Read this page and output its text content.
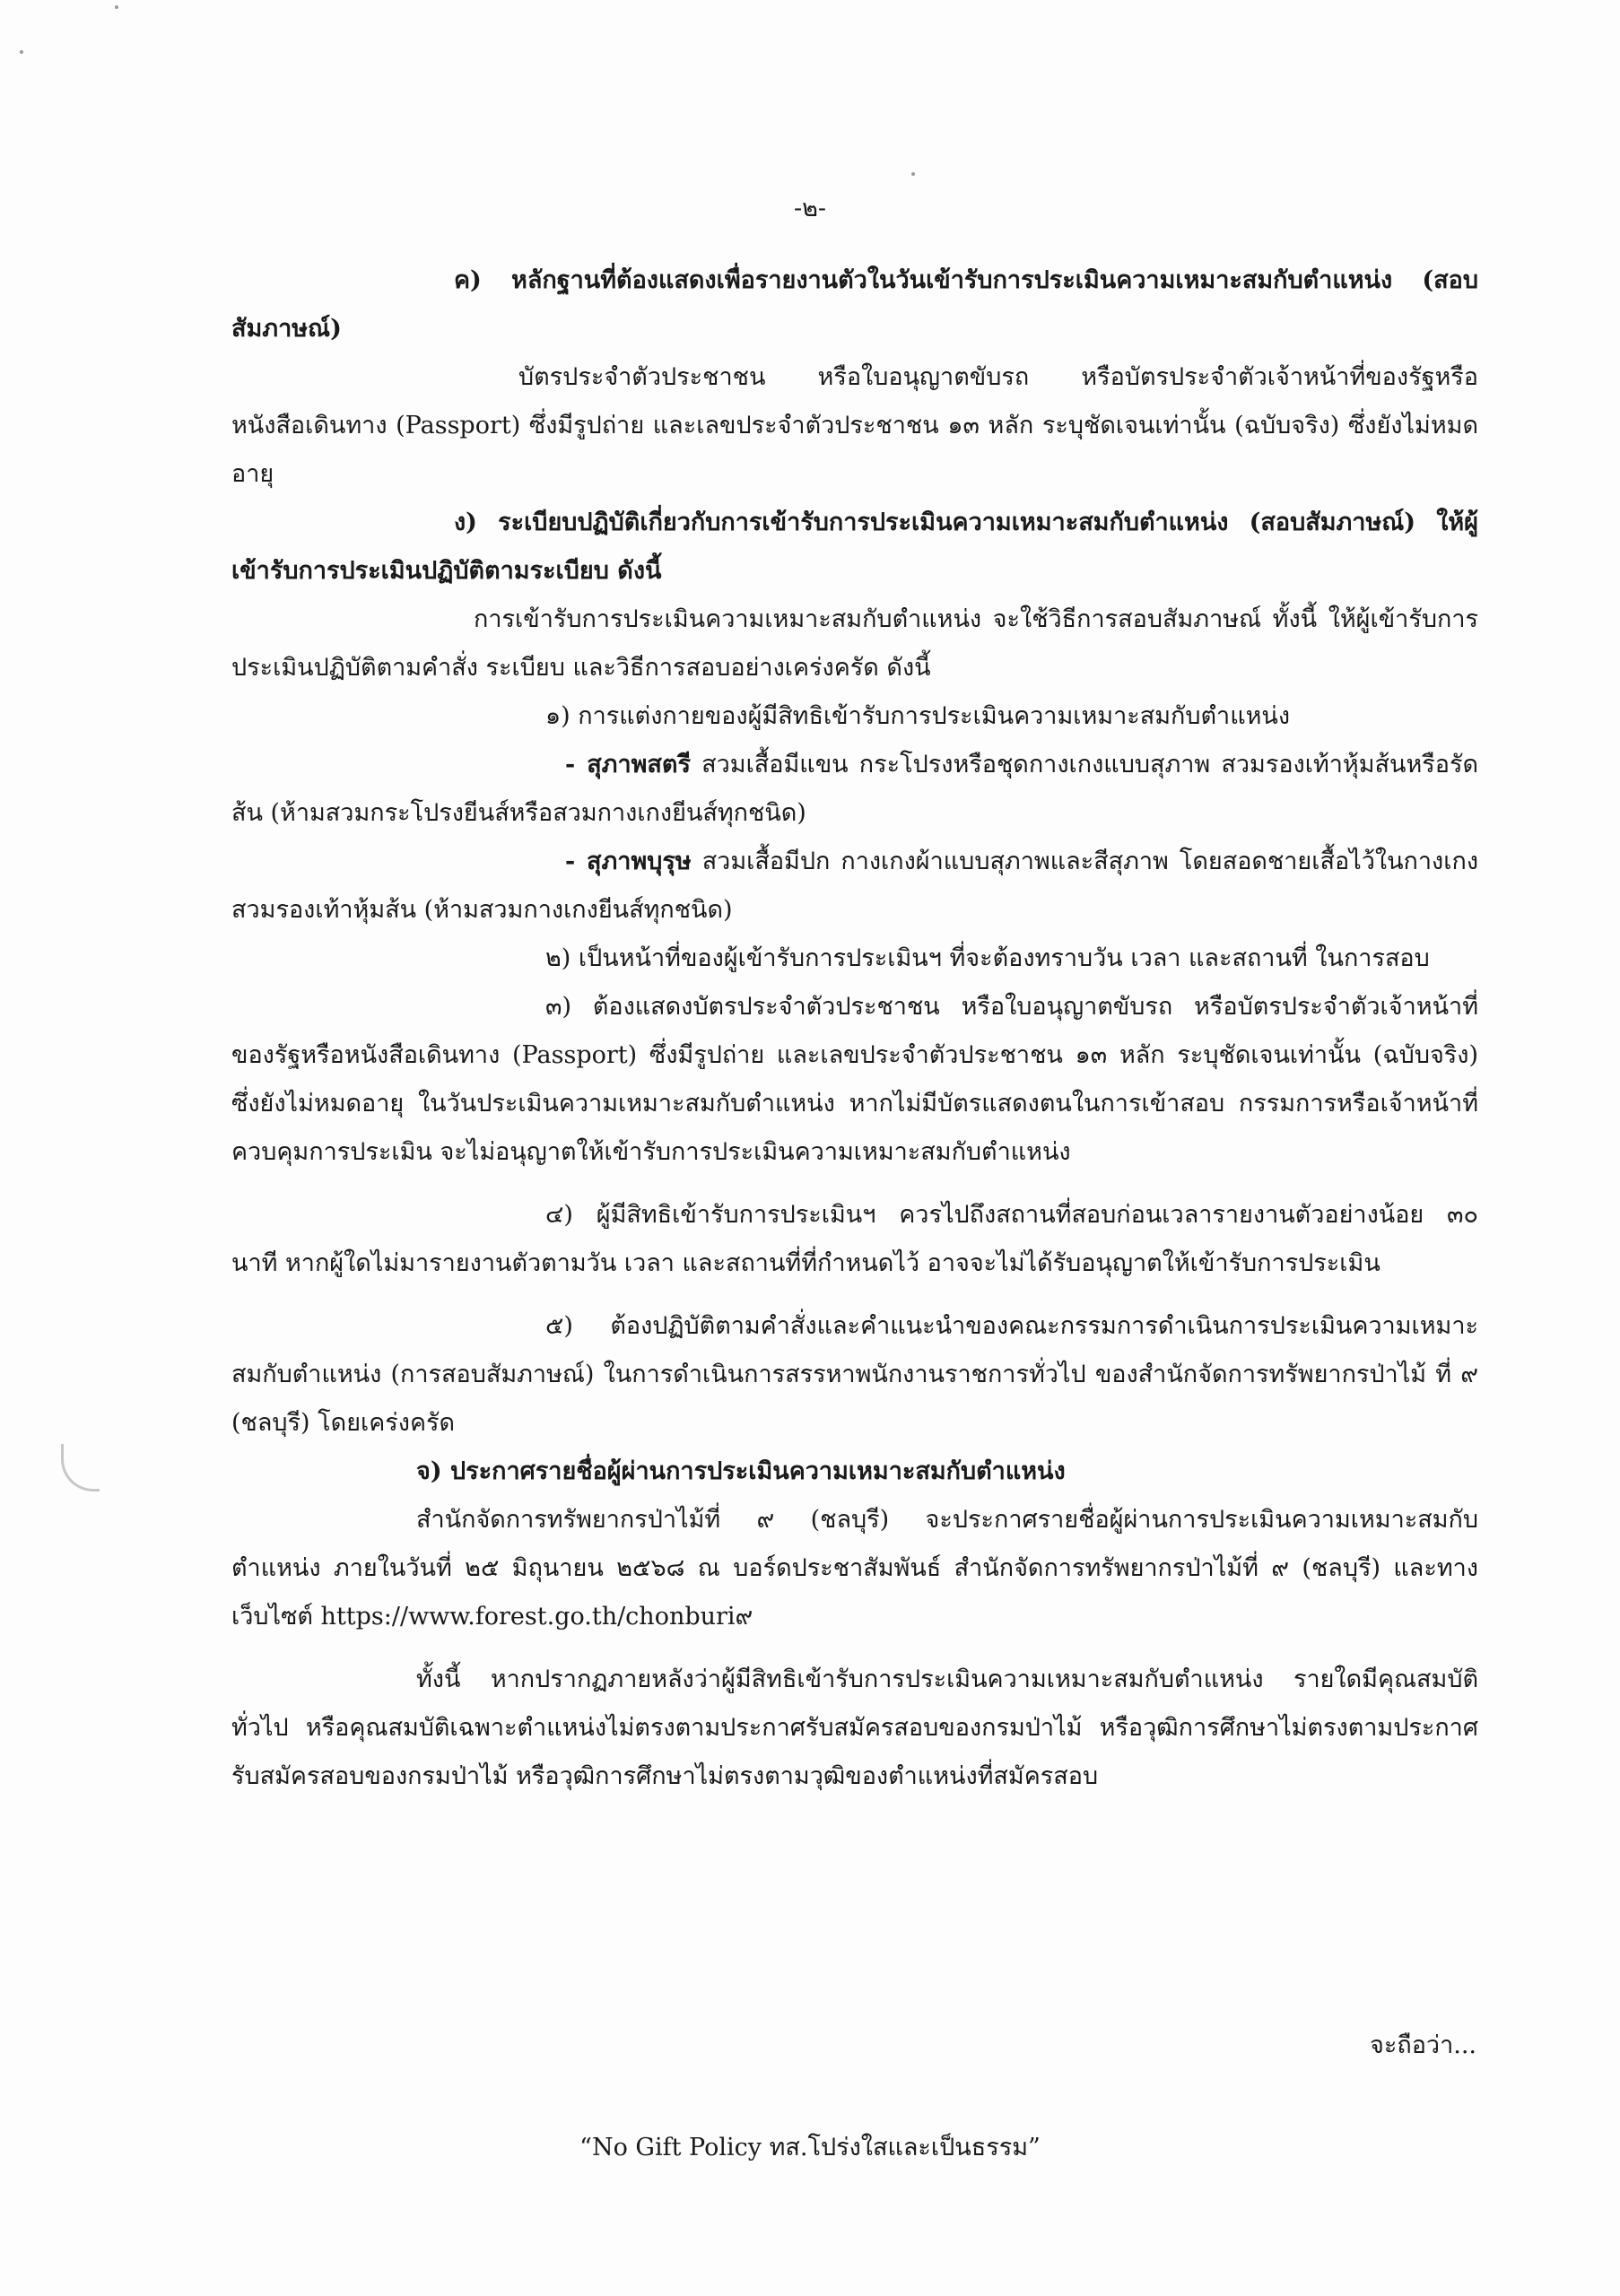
-๒-

ค) หลักฐานที่ต้องแสดงเพื่อรายงานตัวในวันเข้ารับการประเมินความเหมาะสมกับตำแหน่ง (สอบสัมภาษณ์)

บัตรประจำตัวประชาชน หรือใบอนุญาตขับรถ หรือบัตรประจำตัวเจ้าหน้าที่ของรัฐหรือหนังสือเดินทาง (Passport) ซึ่งมีรูปถ่าย และเลขประจำตัวประชาชน ๑๓ หลัก ระบุชัดเจนเท่านั้น (ฉบับจริง) ซึ่งยังไม่หมดอายุ

ง) ระเบียบปฏิบัติเกี่ยวกับการเข้ารับการประเมินความเหมาะสมกับตำแหน่ง (สอบสัมภาษณ์) ให้ผู้เข้ารับการประเมินปฏิบัติตามระเบียบ ดังนี้

การเข้ารับการประเมินความเหมาะสมกับตำแหน่ง จะใช้วิธีการสอบสัมภาษณ์ ทั้งนี้ ให้ผู้เข้ารับการประเมินปฏิบัติตามคำสั่ง ระเบียบ และวิธีการสอบอย่างเคร่งครัด ดังนี้

๑) การแต่งกายของผู้มีสิทธิเข้ารับการประเมินความเหมาะสมกับตำแหน่ง

- สุภาพสตรี สวมเสื้อมีแขน กระโปรงหรือชุดกางเกงแบบสุภาพ สวมรองเท้าหุ้มส้นหรือรัดส้น (ห้ามสวมกระโปรงยีนส์หรือสวมกางเกงยีนส์ทุกชนิด)

- สุภาพบุรุษ สวมเสื้อมีปก กางเกงผ้าแบบสุภาพและสีสุภาพ โดยสอดชายเสื้อไว้ในกางเกง สวมรองเท้าหุ้มส้น (ห้ามสวมกางเกงยีนส์ทุกชนิด)

๒) เป็นหน้าที่ของผู้เข้ารับการประเมินฯ ที่จะต้องทราบวัน เวลา และสถานที่ ในการสอบ

๓) ต้องแสดงบัตรประจำตัวประชาชน หรือใบอนุญาตขับรถ หรือบัตรประจำตัวเจ้าหน้าที่ของรัฐหรือหนังสือเดินทาง (Passport) ซึ่งมีรูปถ่าย และเลขประจำตัวประชาชน ๑๓ หลัก ระบุชัดเจนเท่านั้น (ฉบับจริง) ซึ่งยังไม่หมดอายุ ในวันประเมินความเหมาะสมกับตำแหน่ง หากไม่มีบัตรแสดงตนในการเข้าสอบ กรรมการหรือเจ้าหน้าที่ควบคุมการประเมิน จะไม่อนุญาตให้เข้ารับการประเมินความเหมาะสมกับตำแหน่ง

๔) ผู้มีสิทธิเข้ารับการประเมินฯ ควรไปถึงสถานที่สอบก่อนเวลารายงานตัวอย่างน้อย ๓๐ นาที หากผู้ใดไม่มารายงานตัวตามวัน เวลา และสถานที่ที่กำหนดไว้ อาจจะไม่ได้รับอนุญาตให้เข้ารับการประเมิน

๕) ต้องปฏิบัติตามคำสั่งและคำแนะนำของคณะกรรมการดำเนินการประเมินความเหมาะสมกับตำแหน่ง (การสอบสัมภาษณ์) ในการดำเนินการสรรหาพนักงานราชการทั่วไป ของสำนักจัดการทรัพยากรป่าไม้ ที่ ๙ (ชลบุรี) โดยเคร่งครัด

จ) ประกาศรายชื่อผู้ผ่านการประเมินความเหมาะสมกับตำแหน่ง

สำนักจัดการทรัพยากรป่าไม้ที่ ๙ (ชลบุรี) จะประกาศรายชื่อผู้ผ่านการประเมินความเหมาะสมกับตำแหน่ง ภายในวันที่ ๒๕ มิถุนายน ๒๕๖๘ ณ บอร์ดประชาสัมพันธ์ สำนักจัดการทรัพยากรป่าไม้ที่ ๙ (ชลบุรี) และทางเว็บไซต์ https://www.forest.go.th/chonburi๙

ทั้งนี้ หากปรากฏภายหลังว่าผู้มีสิทธิเข้ารับการประเมินความเหมาะสมกับตำแหน่ง รายใดมีคุณสมบัติทั่วไป หรือคุณสมบัติเฉพาะตำแหน่งไม่ตรงตามประกาศรับสมัครสอบของกรมป่าไม้ หรือวุฒิการศึกษาไม่ตรงตามประกาศรับสมัครสอบของกรมป่าไม้ หรือวุฒิการศึกษาไม่ตรงตามวุฒิของตำแหน่งที่สมัครสอบ

จะถือว่า...
“No Gift Policy ทส.โปร่งใสและเป็นธรรม”
